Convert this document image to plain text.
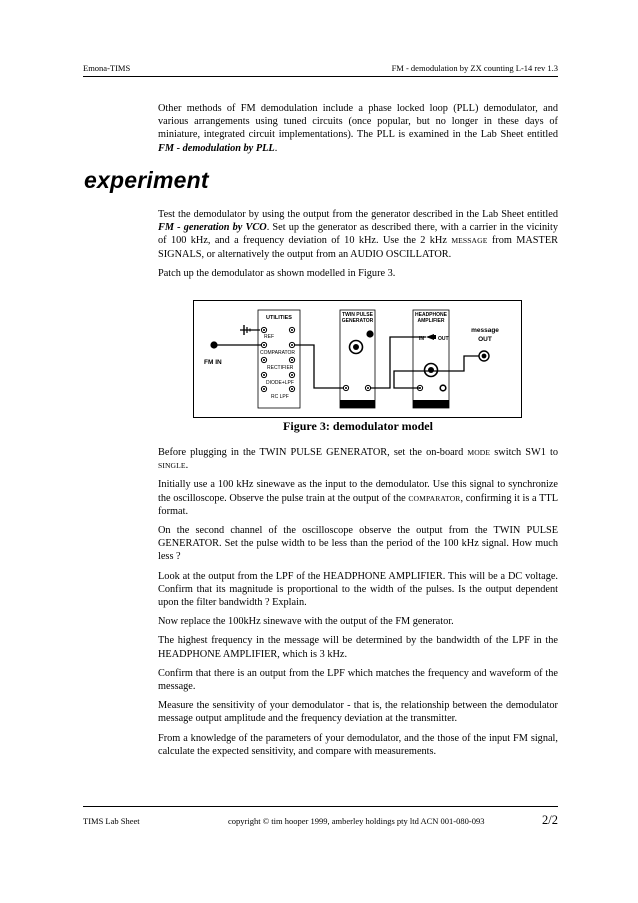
Emona-TIMS	FM - demodulation by ZX counting L-14 rev 1.3

Other methods of FM demodulation include a phase locked loop (PLL) demodulator, and various arrangements using tuned circuits (once popular, but no longer in these days of miniature, integrated circuit implementations). The PLL is examined in the Lab Sheet entitled FM - demodulation by PLL.

experiment

Test the demodulator by using the output from the generator described in the Lab Sheet entitled FM - generation by VCO. Set up the generator as described there, with a carrier in the vicinity of 100 kHz, and a frequency deviation of 10 kHz. Use the 2 kHz MESSAGE from MASTER SIGNALS, or alternatively the output from an AUDIO OSCILLATOR.

Patch up the demodulator as shown modelled in Figure 3.

UTILITIES
REF
COMPARATOR
RECTIFIER
DIODE+LPF
RC LPF
TWIN PULSE
GENERATOR
HEADPHONE
AMPLIFIER
IN	OUT
FM IN
message
OUT
Figure 3: demodulator model

Before plugging in the TWIN PULSE GENERATOR, set the on-board MODE switch SW1 to SINGLE.

Initially use a 100 kHz sinewave as the input to the demodulator. Use this signal to synchronize the oscilloscope. Observe the pulse train at the output of the COMPARATOR, confirming it is a TTL format.

On the second channel of the oscilloscope observe the output from the TWIN PULSE GENERATOR. Set the pulse width to be less than the period of the 100 kHz signal. How much less ?

Look at the output from the LPF of the HEADPHONE AMPLIFIER. This will be a DC voltage. Confirm that its magnitude is proportional to the width of the pulses. Is the output dependent upon the filter bandwidth ? Explain.

Now replace the 100kHz sinewave with the output of the FM generator.

The highest frequency in the message will be determined by the bandwidth of the LPF in the HEADPHONE AMPLIFIER, which is 3 kHz.

Confirm that there is an output from the LPF which matches the frequency and waveform of the message.

Measure the sensitivity of your demodulator - that is, the relationship between the demodulator message output amplitude and the frequency deviation at the transmitter.

From a knowledge of the parameters of your demodulator, and the those of the input FM signal, calculate the expected sensitivity, and compare with measurements.

TIMS Lab Sheet	copyright © tim hooper 1999, amberley holdings pty ltd ACN 001-080-093	2/2
